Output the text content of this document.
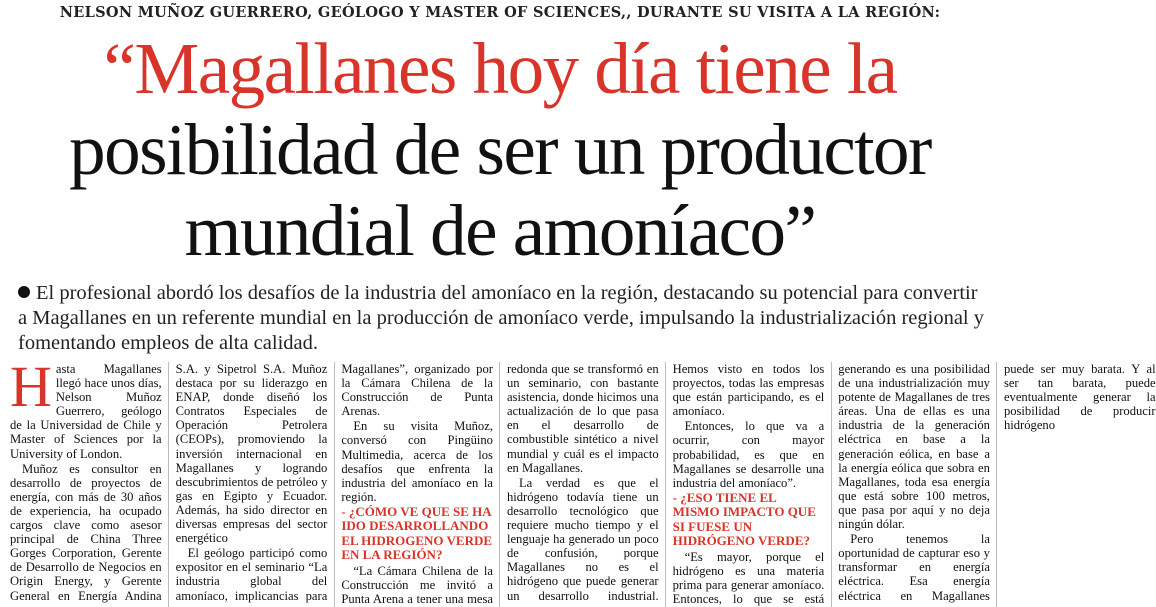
NELSON MUÑOZ GUERRERO, GEÓLOGO Y MASTER OF SCIENCES,, DURANTE SU VISITA A LA REGIÓN:
“Magallanes hoy día tiene la
posibilidad de ser un productor
mundial de amoníaco”
El profesional abordó los desafíos de la industria del amoníaco en la región, destacando su potencial para convertir a Magallanes en un referente mundial en la producción de amoníaco verde, impulsando la industrialización regional y fomentando empleos de alta calidad.

Hasta Magallanes llegó hace unos días, Nelson Muñoz Guerrero, geólogo de la Universidad de Chile y Master of Sciences por la University of London.

Muñoz es consultor en desarrollo de proyectos de energía, con más de 30 años de experiencia, ha ocupado cargos clave como asesor principal de China Three Gorges Corporation, Gerente de Desarrollo de Negocios en Origin Energy, y Gerente General en Energía Andina S.A. y Sipetrol S.A. Muñoz destaca por su liderazgo en ENAP, donde diseñó los Contratos Especiales de Operación Petrolera (CEOPs), promoviendo la inversión internacional en Magallanes y logrando descubrimientos de petróleo y gas en Egipto y Ecuador. Además, ha sido director en diversas empresas del sector energético

El geólogo participó como expositor en el seminario “La industria global del amoníaco, implicancias para Magallanes”, organizado por la Cámara Chilena de la Construcción de Punta Arenas.

En su visita Muñoz, conversó con Pingüino Multimedia, acerca de los desafíos que enfrenta la industria del amoníaco en la región.

- ¿CÓMO VE QUE SE HA IDO DESARROLLANDO EL HIDROGENO VERDE EN LA REGIÓN?

“La Cámara Chilena de la Construcción me invitó a Punta Arena a tener una mesa redonda que se transformó en un seminario, con bastante asistencia, donde hicimos una actualización de lo que pasa en el desarrollo de combustible sintético a nivel mundial y cuál es el impacto en Magallanes.

La verdad es que el hidrógeno todavía tiene un desarrollo tecnológico que requiere mucho tiempo y el lenguaje ha generado un poco de confusión, porque Magallanes no es el hidrógeno que puede generar un desarrollo industrial. Hemos visto en todos los proyectos, todas las empresas que están participando, es el amoníaco.

Entonces, lo que va a ocurrir, con mayor probabilidad, es que en Magallanes se desarrolle una industria del amoníaco”.

- ¿ESO TIENE EL MISMO IMPACTO QUE SI FUESE UN HIDRÓGENO VERDE?

“Es mayor, porque el hidrógeno es una materia prima para generar amoníaco. Entonces, lo que se está generando es una posibilidad de una industrialización muy potente de Magallanes de tres áreas. Una de ellas es una industria de la generación eléctrica en base a la generación eólica, en base a la energía eólica que sobra en Magallanes, toda esa energía que está sobre 100 metros, que pasa por aquí y no deja ningún dólar.

Pero tenemos la oportunidad de capturar eso y transformar en energía eléctrica. Esa energía eléctrica en Magallanes puede ser muy barata. Y al ser tan barata, puede eventualmente generar la posibilidad de producir hidrógeno
